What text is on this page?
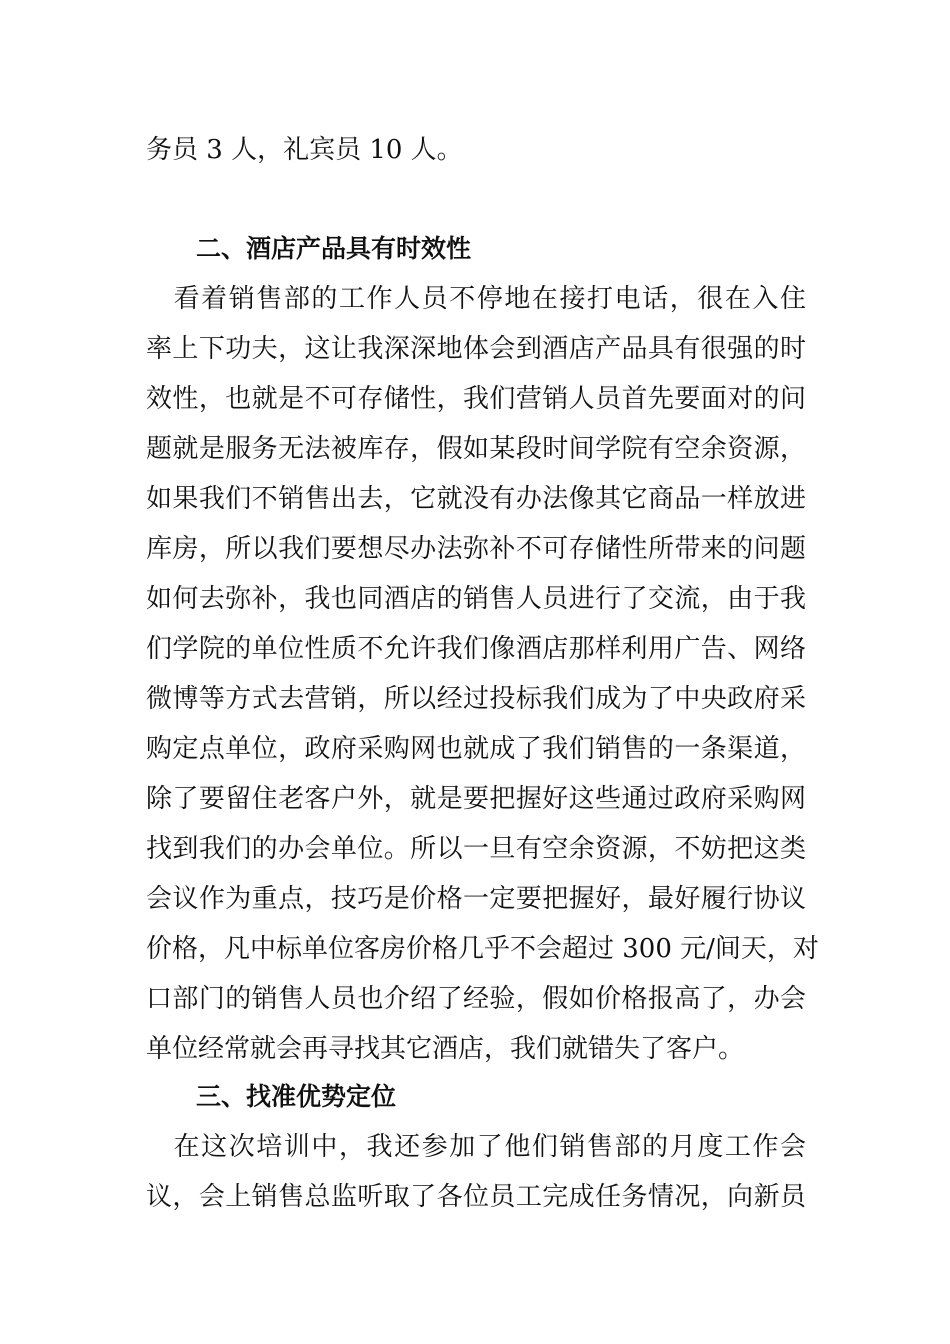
务员 3 人，礼宾员 10 人。
二、酒店产品具有时效性
　看着销售部的工作人员不停地在接打电话，很在入住
率上下功夫，这让我深深地体会到酒店产品具有很强的时
效性，也就是不可存储性，我们营销人员首先要面对的问
题就是服务无法被库存，假如某段时间学院有空余资源，
如果我们不销售出去，它就没有办法像其它商品一样放进
库房，所以我们要想尽办法弥补不可存储性所带来的问题
如何去弥补，我也同酒店的销售人员进行了交流，由于我
们学院的单位性质不允许我们像酒店那样利用广告、网络
微博等方式去营销，所以经过投标我们成为了中央政府采
购定点单位，政府采购网也就成了我们销售的一条渠道，
除了要留住老客户外，就是要把握好这些通过政府采购网
找到我们的办会单位。所以一旦有空余资源，不妨把这类
会议作为重点，技巧是价格一定要把握好，最好履行协议
价格，凡中标单位客房价格几乎不会超过 300 元/间天，对
口部门的销售人员也介绍了经验，假如价格报高了，办会
单位经常就会再寻找其它酒店，我们就错失了客户。
三、找准优势定位
　在这次培训中，我还参加了他们销售部的月度工作会
议，会上销售总监听取了各位员工完成任务情况，向新员
